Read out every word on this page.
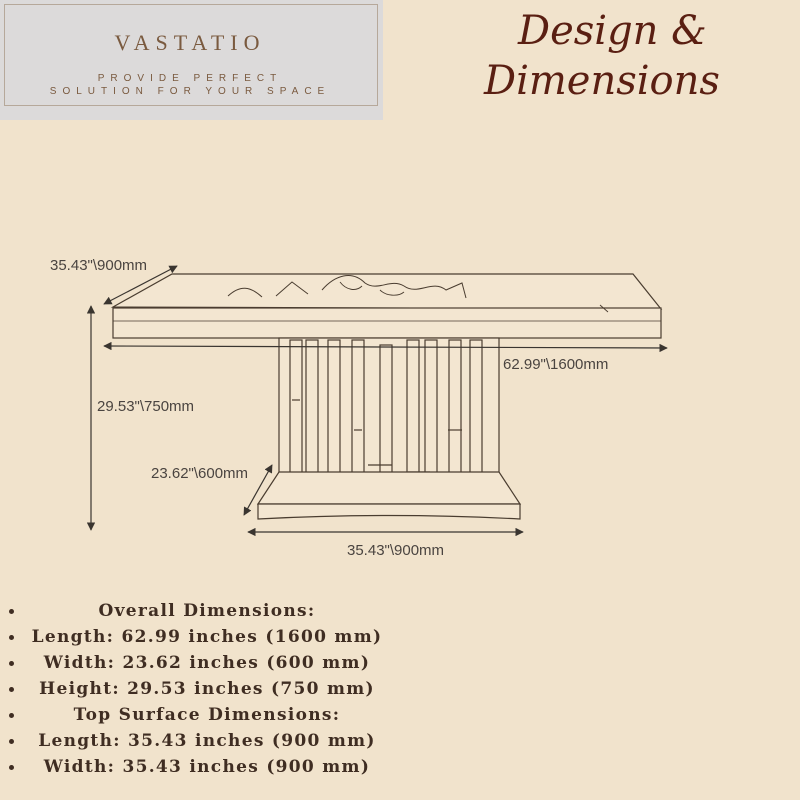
VASTATIO
PROVIDE PERFECT
SOLUTION FOR YOUR SPACE
Design &
Dimensions
35.43"\900mm
62.99"\1600mm
29.53"\750mm
23.62"\600mm
35.43"\900mm
Overall Dimensions:
Length: 62.99 inches (1600 mm)
Width: 23.62 inches (600 mm)
Height: 29.53 inches (750 mm)
Top Surface Dimensions:
Length: 35.43 inches (900 mm)
Width: 35.43 inches (900 mm)
